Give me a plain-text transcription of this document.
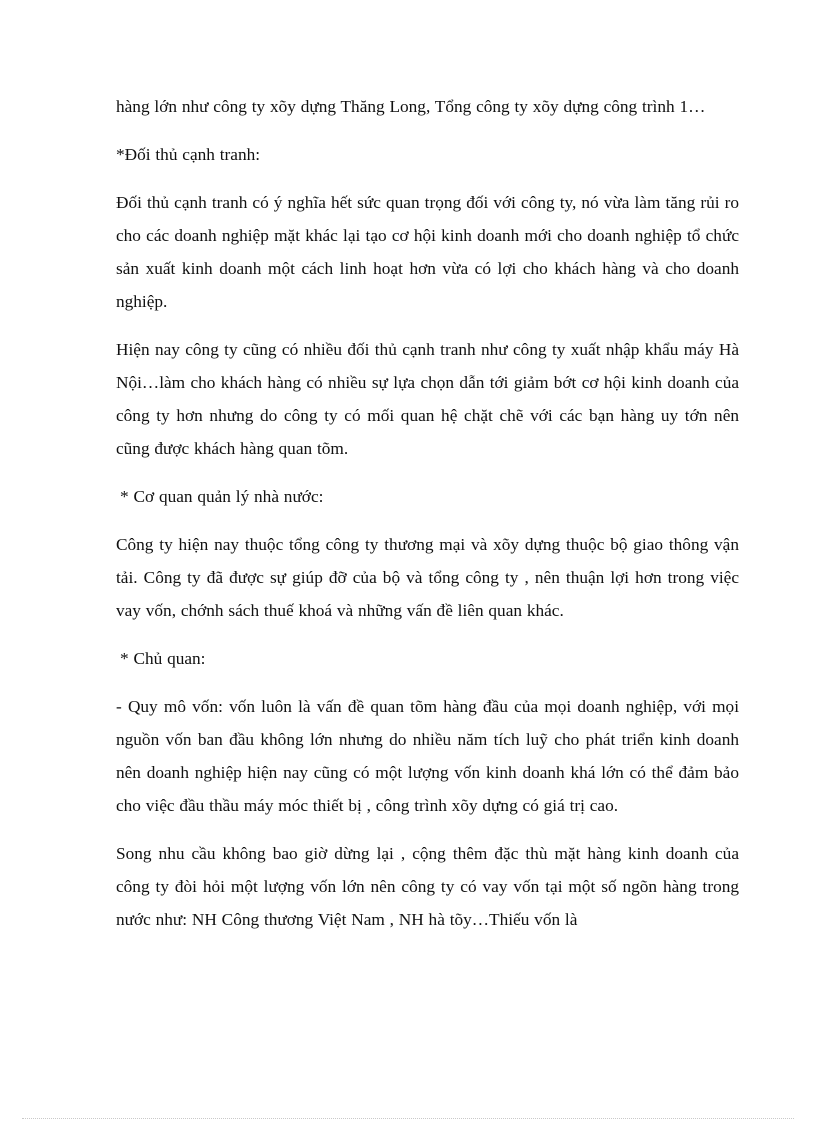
hàng lớn như công ty xõy dựng Thăng Long, Tổng công ty xõy dựng công trình 1…

*Đối thủ cạnh tranh:

Đối thủ cạnh tranh có ý nghĩa hết sức quan trọng đối với công ty, nó vừa làm tăng rủi ro cho các doanh nghiệp mặt khác lại tạo cơ hội kinh doanh mới cho doanh nghiệp tổ chức sản xuất kinh doanh một cách linh hoạt hơn vừa có lợi cho khách hàng và cho doanh nghiệp.

Hiện nay công ty cũng có nhiều đối thủ cạnh tranh như công ty xuất nhập khẩu máy Hà Nội…làm cho khách hàng có nhiều sự lựa chọn dẫn tới giảm bớt cơ hội kinh doanh của công ty hơn nhưng do công ty có mối quan hệ chặt chẽ với các bạn hàng uy tớn nên cũng được khách hàng quan tõm.

* Cơ quan quản lý nhà nước:

Công ty hiện nay thuộc tổng công ty thương mại và xõy dựng thuộc bộ giao thông vận tải. Công ty đã được sự giúp đỡ của bộ và tổng công ty , nên thuận lợi hơn trong việc vay vốn, chớnh sách thuế khoá và những vấn đề liên quan khác.

* Chủ quan:

- Quy mô vốn: vốn luôn là vấn đề quan tõm hàng đầu của mọi doanh nghiệp, với mọi nguồn vốn ban đầu không lớn nhưng do nhiều năm tích luỹ cho phát triển kinh doanh nên doanh nghiệp hiện nay cũng có một lượng vốn kinh doanh khá lớn có thể đảm bảo cho việc đầu thầu máy móc thiết bị , công trình xõy dựng có giá trị cao.

Song nhu cầu không bao giờ dừng lại , cộng thêm đặc thù mặt hàng kinh doanh của công ty đòi hỏi một lượng vốn lớn nên công ty có vay vốn tại một số ngõn hàng trong nước như: NH Công thương Việt Nam , NH hà tõy…Thiếu vốn là
